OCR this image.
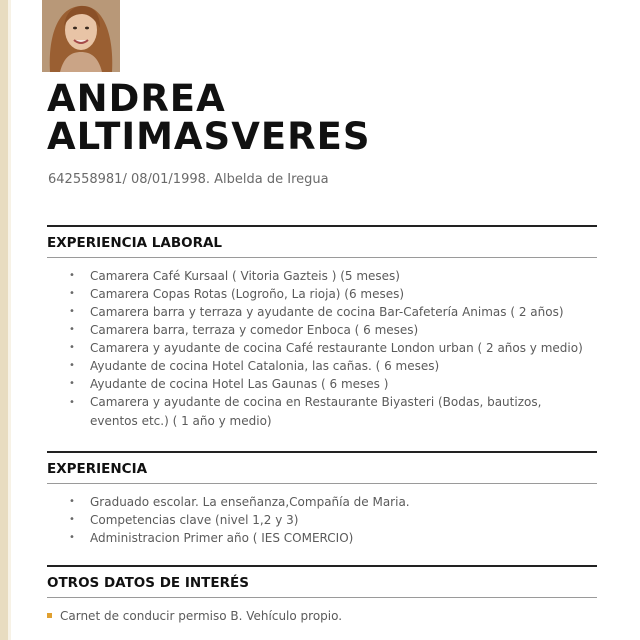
ANDREA
ALTIMASVERES
642558981/ 08/01/1998. Albelda de Iregua
EXPERIENCIA LABORAL
• Camarera Café Kursaal ( Vitoria Gazteis ) (5 meses)
• Camarera Copas Rotas (Logroño, La rioja) (6 meses)
• Camarera barra y terraza y ayudante de cocina Bar-Cafetería Animas ( 2 años)
• Camarera barra, terraza y comedor Enboca ( 6 meses)
• Camarera y ayudante de cocina Café restaurante London urban ( 2 años y medio)
• Ayudante de cocina Hotel Catalonia, las cañas. ( 6 meses)
• Ayudante de cocina Hotel Las Gaunas ( 6 meses )
• Camarera y ayudante de cocina en Restaurante Biyasteri (Bodas, bautizos, eventos etc.) ( 1 año y medio)
EXPERIENCIA
• Graduado escolar. La enseñanza,Compañía de Maria.
• Competencias clave (nivel 1,2 y 3)
• Administracion Primer año ( IES COMERCIO)
OTROS DATOS DE INTERÉS
Carnet de conducir permiso B. Vehículo propio.
